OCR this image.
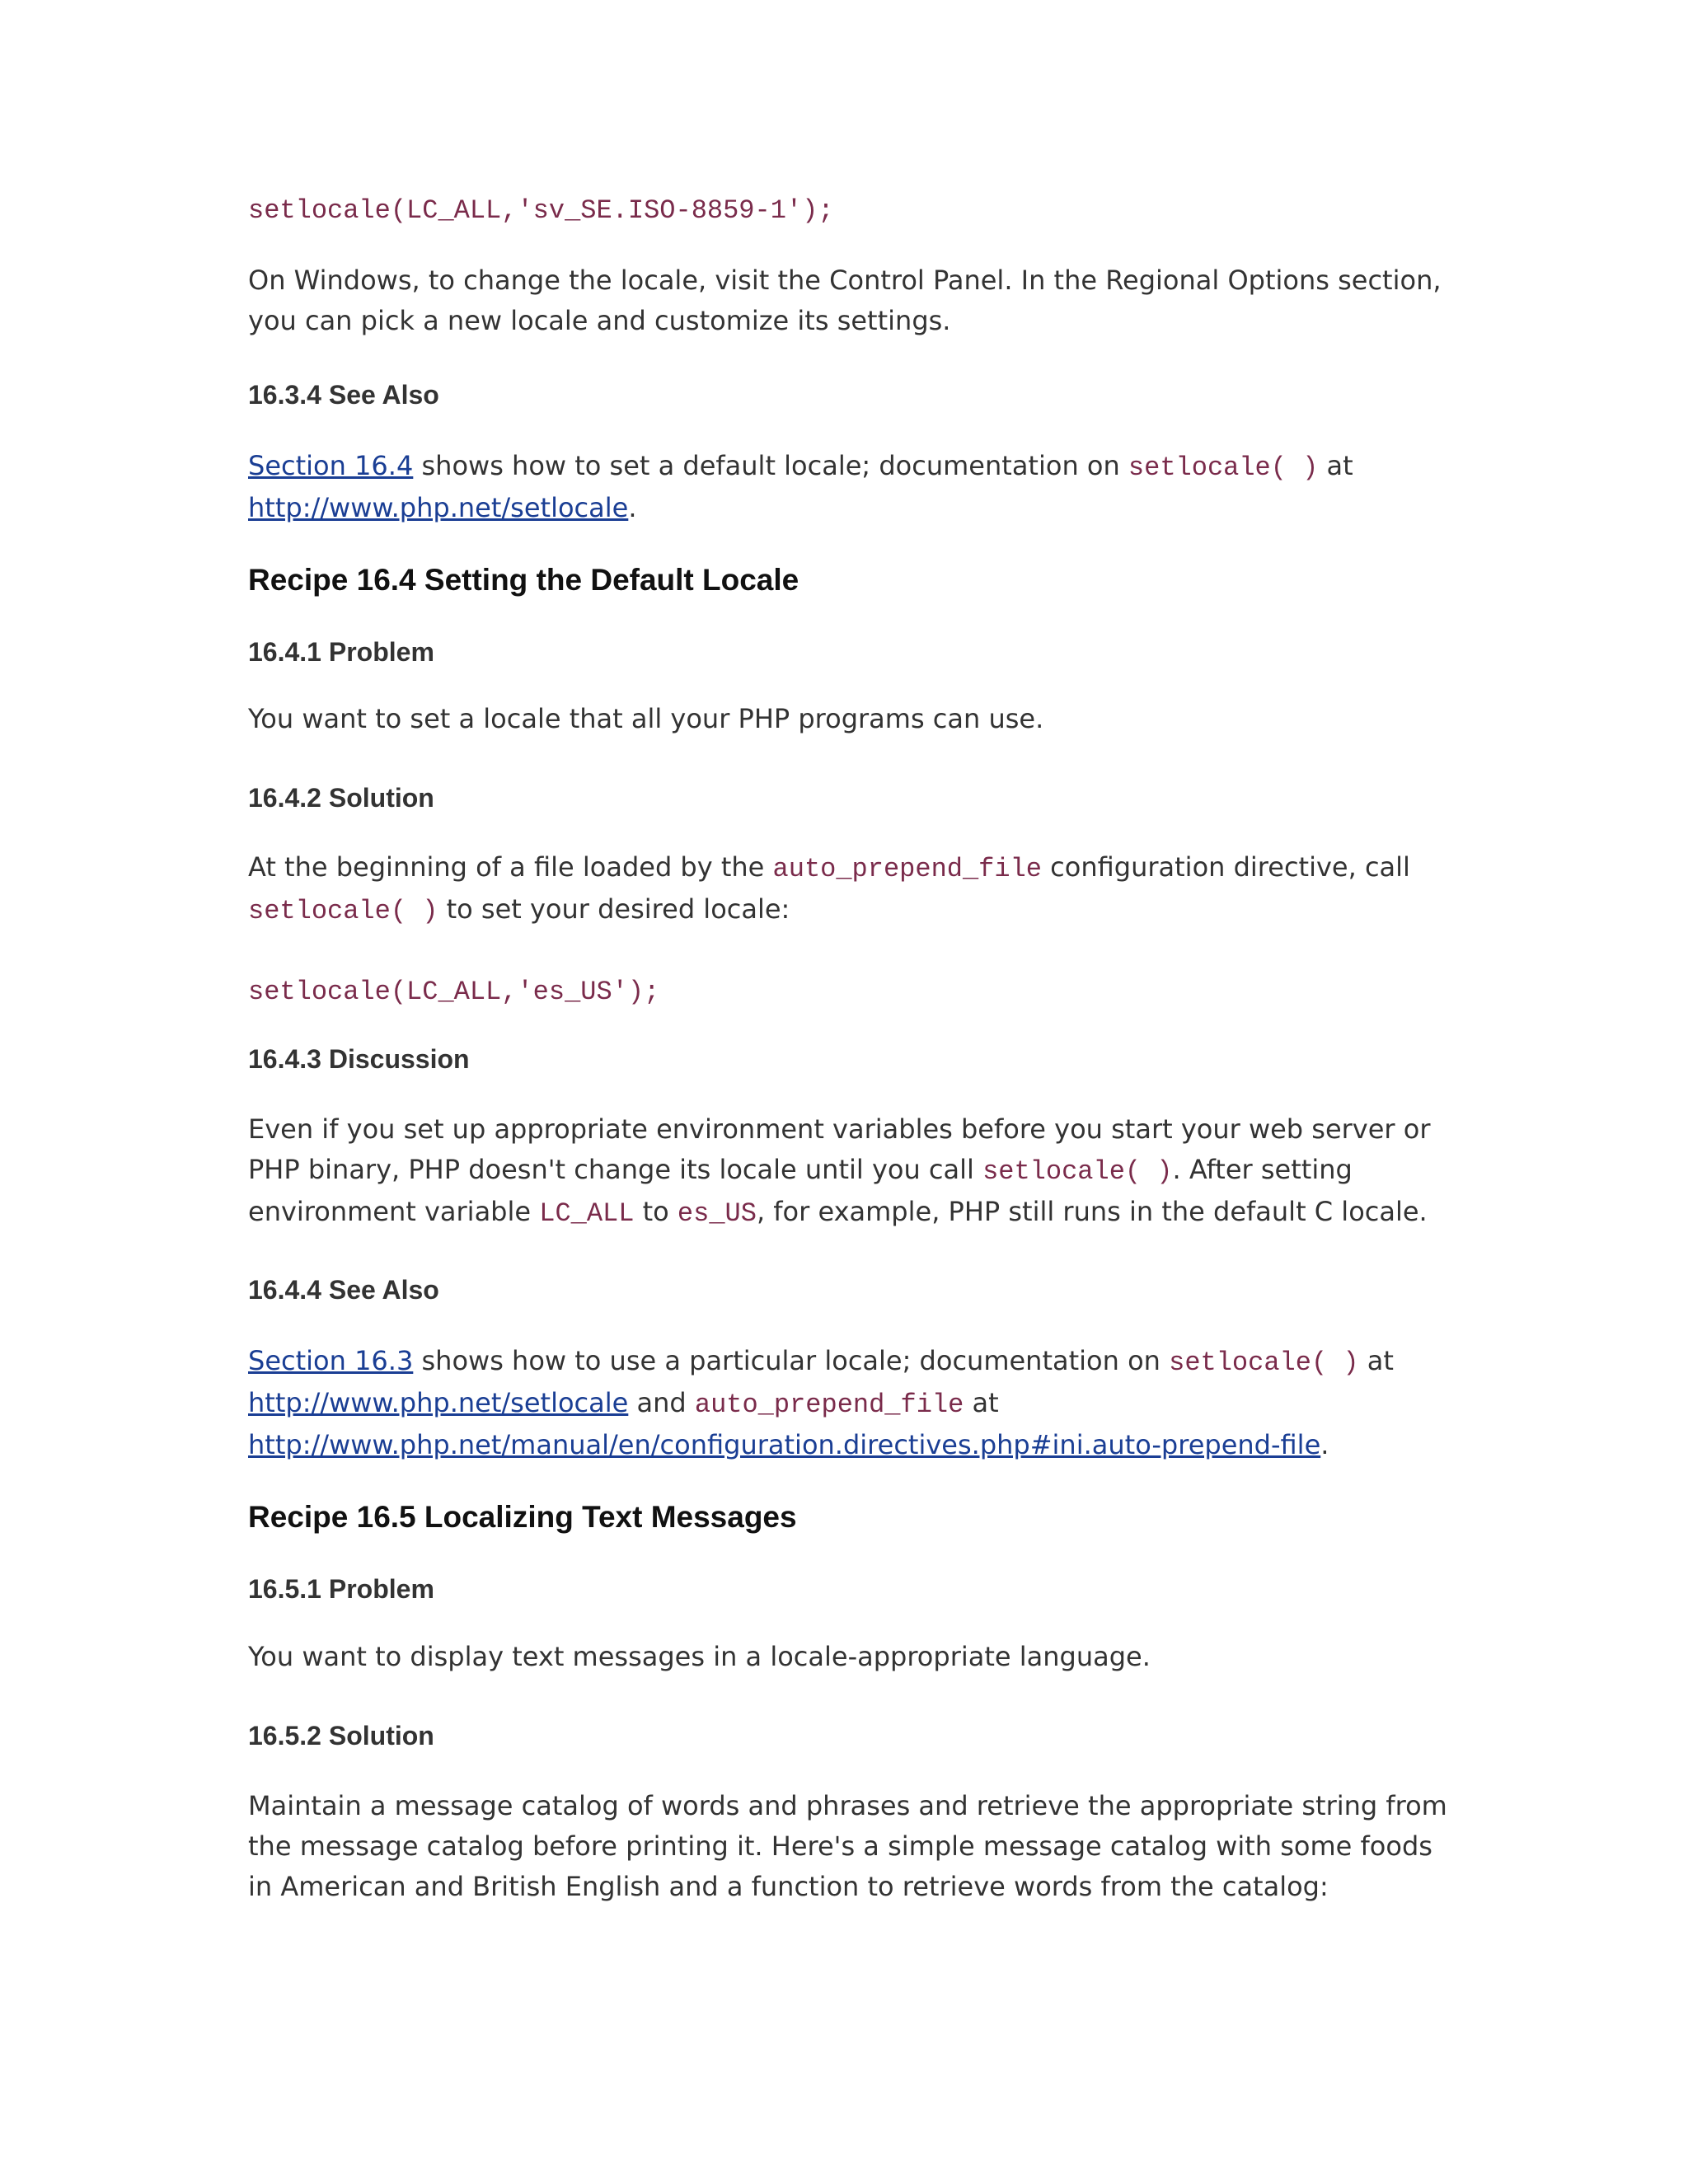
setlocale(LC_ALL,'sv_SE.ISO-8859-1');

On Windows, to change the locale, visit the Control Panel. In the Regional Options section, you can pick a new locale and customize its settings.

16.3.4 See Also

Section 16.4 shows how to set a default locale; documentation on setlocale( ) at
http://www.php.net/setlocale.

Recipe 16.4 Setting the Default Locale
16.4.1 Problem

You want to set a locale that all your PHP programs can use.

16.4.2 Solution

At the beginning of a file loaded by the auto_prepend_file configuration directive, call
setlocale( ) to set your desired locale:

setlocale(LC_ALL,'es_US');
16.4.3 Discussion

Even if you set up appropriate environment variables before you start your web server or PHP binary, PHP doesn't change its locale until you call setlocale( ). After setting environment variable LC_ALL to es_US, for example, PHP still runs in the default C locale.

16.4.4 See Also

Section 16.3 shows how to use a particular locale; documentation on setlocale( ) at
http://www.php.net/setlocale and auto_prepend_file at
http://www.php.net/manual/en/configuration.directives.php#ini.auto-prepend-file.

Recipe 16.5 Localizing Text Messages
16.5.1 Problem

You want to display text messages in a locale-appropriate language.

16.5.2 Solution

Maintain a message catalog of words and phrases and retrieve the appropriate string from the message catalog before printing it. Here's a simple message catalog with some foods in American and British English and a function to retrieve words from the catalog:
